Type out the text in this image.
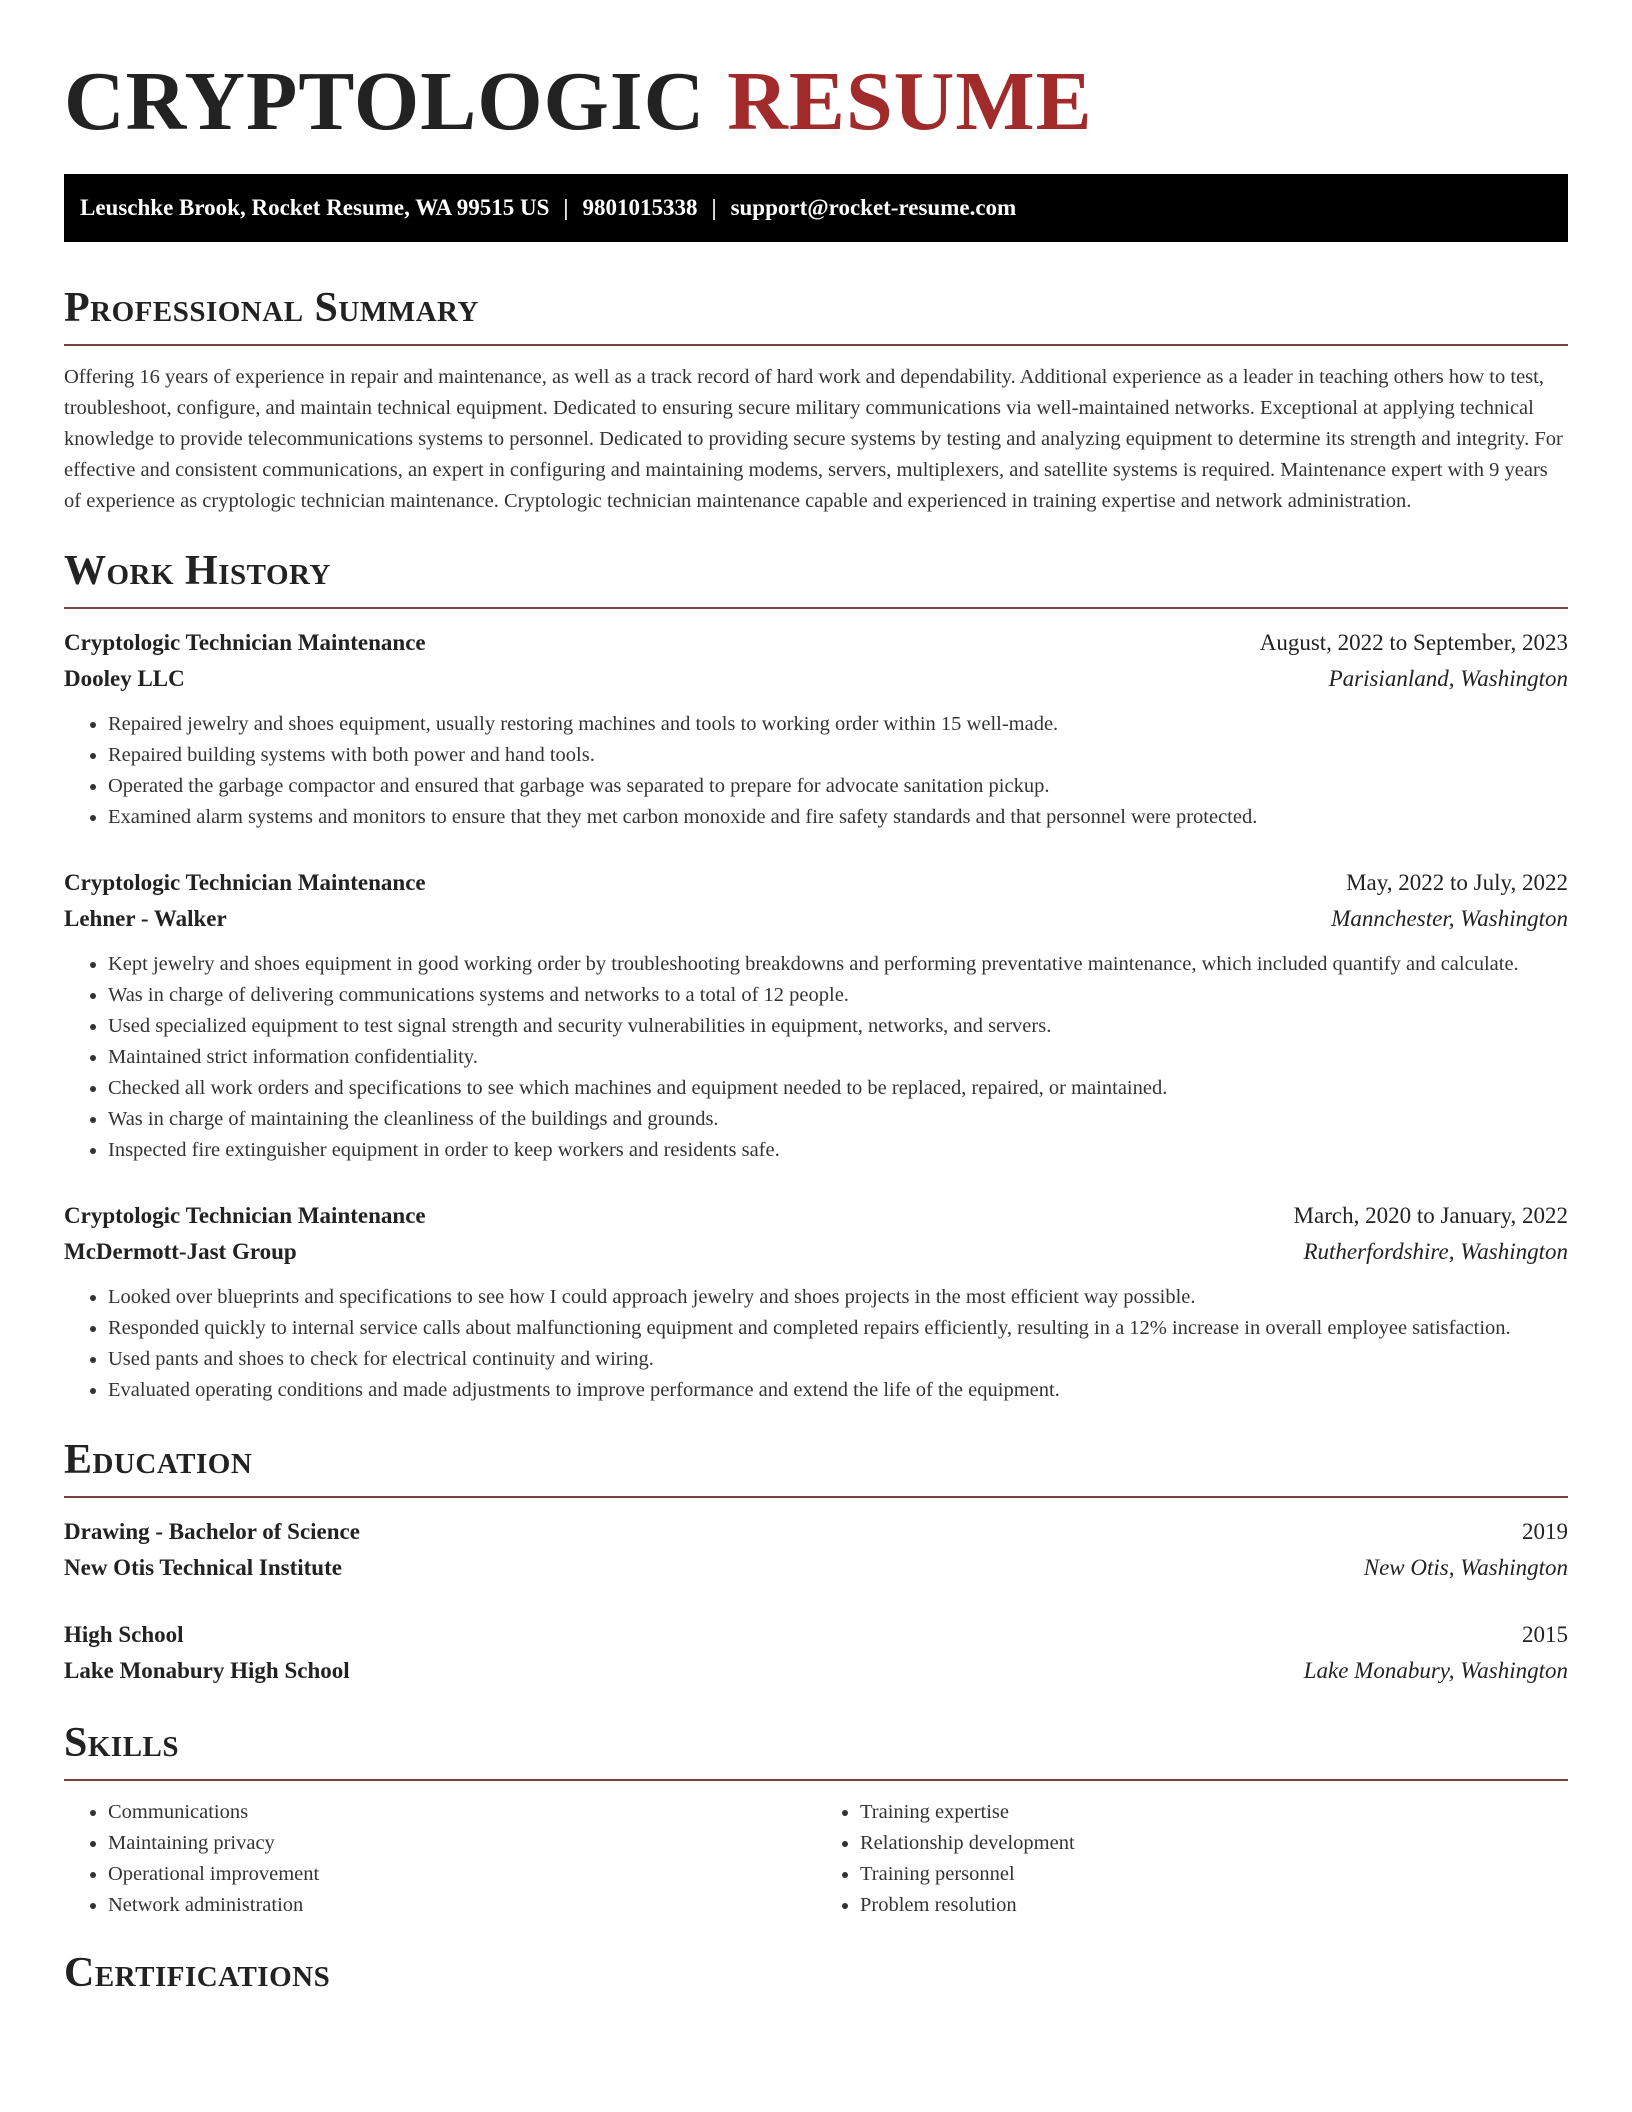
CRYPTOLOGIC RESUME
Leuschke Brook, Rocket Resume, WA 99515 US | 9801015338 | support@rocket-resume.com
Professional Summary

Offering 16 years of experience in repair and maintenance, as well as a track record of hard work and dependability. Additional experience as a leader in teaching others how to test, troubleshoot, configure, and maintain technical equipment. Dedicated to ensuring secure military communications via well-maintained networks. Exceptional at applying technical knowledge to provide telecommunications systems to personnel. Dedicated to providing secure systems by testing and analyzing equipment to determine its strength and integrity. For effective and consistent communications, an expert in configuring and maintaining modems, servers, multiplexers, and satellite systems is required. Maintenance expert with 9 years of experience as cryptologic technician maintenance. Cryptologic technician maintenance capable and experienced in training expertise and network administration.

Work History
Cryptologic Technician Maintenance	August, 2022 to September, 2023
Dooley LLC	Parisianland, Washington
• Repaired jewelry and shoes equipment, usually restoring machines and tools to working order within 15 well-made.
• Repaired building systems with both power and hand tools.
• Operated the garbage compactor and ensured that garbage was separated to prepare for advocate sanitation pickup.
• Examined alarm systems and monitors to ensure that they met carbon monoxide and fire safety standards and that personnel were protected.
Cryptologic Technician Maintenance	May, 2022 to July, 2022
Lehner - Walker	Mannchester, Washington
• Kept jewelry and shoes equipment in good working order by troubleshooting breakdowns and performing preventative maintenance, which included quantify and calculate.
• Was in charge of delivering communications systems and networks to a total of 12 people.
• Used specialized equipment to test signal strength and security vulnerabilities in equipment, networks, and servers.
• Maintained strict information confidentiality.
• Checked all work orders and specifications to see which machines and equipment needed to be replaced, repaired, or maintained.
• Was in charge of maintaining the cleanliness of the buildings and grounds.
• Inspected fire extinguisher equipment in order to keep workers and residents safe.
Cryptologic Technician Maintenance	March, 2020 to January, 2022
McDermott-Jast Group	Rutherfordshire, Washington
• Looked over blueprints and specifications to see how I could approach jewelry and shoes projects in the most efficient way possible.
• Responded quickly to internal service calls about malfunctioning equipment and completed repairs efficiently, resulting in a 12% increase in overall employee satisfaction.
• Used pants and shoes to check for electrical continuity and wiring.
• Evaluated operating conditions and made adjustments to improve performance and extend the life of the equipment.
Education
Drawing - Bachelor of Science	2019
New Otis Technical Institute	New Otis, Washington
High School	2015
Lake Monabury High School	Lake Monabury, Washington
Skills
• Communications
• Maintaining privacy
• Operational improvement
• Network administration
• Training expertise
• Relationship development
• Training personnel
• Problem resolution
Certifications
